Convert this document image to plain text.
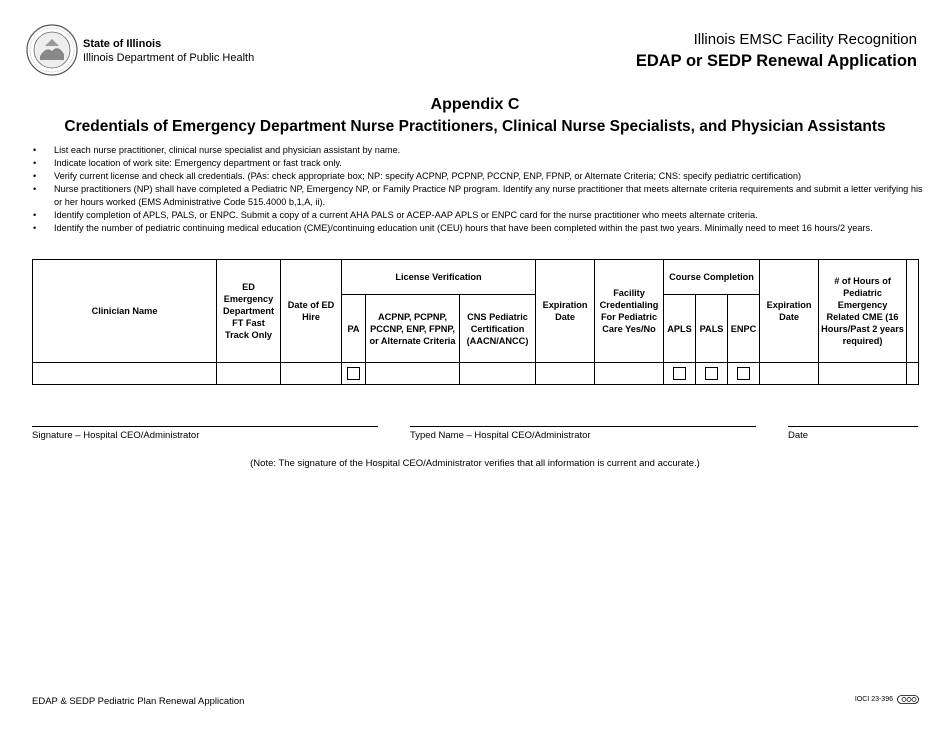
State of Illinois
Illinois Department of Public Health
Illinois EMSC Facility Recognition
EDAP or SEDP Renewal Application
Appendix C
Credentials of Emergency Department Nurse Practitioners, Clinical Nurse Specialists, and Physician Assistants
• List each nurse practitioner, clinical nurse specialist and physician assistant by name.
• Indicate location of work site: Emergency department or fast track only.
• Verify current license and check all credentials. (PAs: check appropriate box; NP: specify ACPNP, PCPNP, PCCNP, ENP, FPNP, or Alternate Criteria; CNS: specify pediatric certification)
• Nurse practitioners (NP) shall have completed a Pediatric NP, Emergency NP, or Family Practice NP program. Identify any nurse practitioner that meets alternate criteria requirements and submit a letter verifying his or her hours worked (EMS Administrative Code 515.4000 b,1,A, ii).
• Identify completion of APLS, PALS, or ENPC. Submit a copy of a current AHA PALS or ACEP-AAP APLS or ENPC card for the nurse practitioner who meets alternate criteria.
• Identify the number of pediatric continuing medical education (CME)/continuing education unit (CEU) hours that have been completed within the past two years. Minimally need to meet 16 hours/2 years.
Clinician Name	ED Emergency Department FT Fast Track Only	Date of ED Hire	License Verification			Expiration Date	Facility Credentialing For Pediatric Care Yes/No	Course Completion			Expiration Date	# of Hours of Pediatric Emergency Related CME (16 Hours/Past 2 years required)	
			PA	ACPNP, PCPNP, PCCNP, ENP, FPNP, or Alternate Criteria	CNS Pediatric Certification (AACN/ANCC)			APLS	PALS	ENPC			

Signature – Hospital CEO/Administrator	Typed Name – Hospital CEO/Administrator	Date
(Note: The signature of the Hospital CEO/Administrator verifies that all information is current and accurate.)
EDAP & SEDP Pediatric Plan Renewal Application	IOCI 23-396
